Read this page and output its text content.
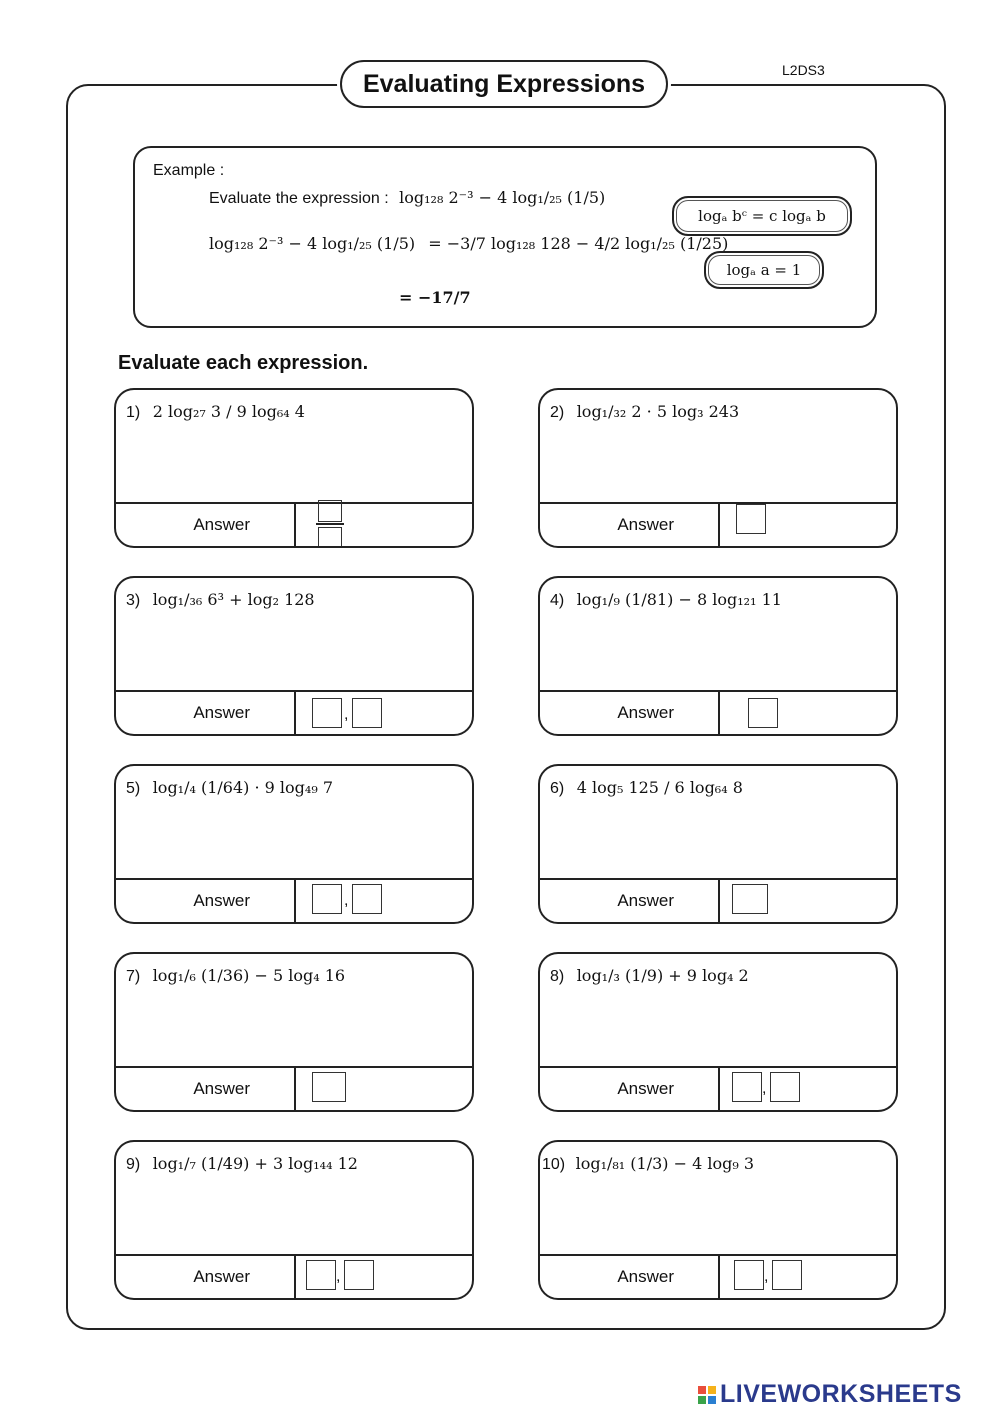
Evaluating Expressions	L2DS3
Example :
Evaluate the expression : log₁₂₈ 2⁻³ − 4 log₁/₂₅ (1/5)
log₁₂₈ 2⁻³ − 4 log₁/₂₅ (1/5) = −3/7 log₁₂₈ 128 − 4/2 log₁/₂₅ (1/25)
= −17/7
logₐ bᶜ = c logₐ b
logₐ a = 1
Evaluate each expression.
1) 2 log₂₇ 3 / 9 log₆₄ 4
Answer
2) log₁/₃₂ 2 · 5 log₃ 243
Answer
3) log₁/₃₆ 6³ + log₂ 128
Answer	,
4) log₁/₉ (1/81) − 8 log₁₂₁ 11
Answer
5) log₁/₄ (1/64) · 9 log₄₉ 7
Answer	,
6) 4 log₅ 125 / 6 log₆₄ 8
Answer
7) log₁/₆ (1/36) − 5 log₄ 16
Answer
8) log₁/₃ (1/9) + 9 log₄ 2
Answer	,
9) log₁/₇ (1/49) + 3 log₁₄₄ 12
Answer	,
10) log₁/₈₁ (1/3) − 4 log₉ 3
Answer	,
LIVEWORKSHEETS
